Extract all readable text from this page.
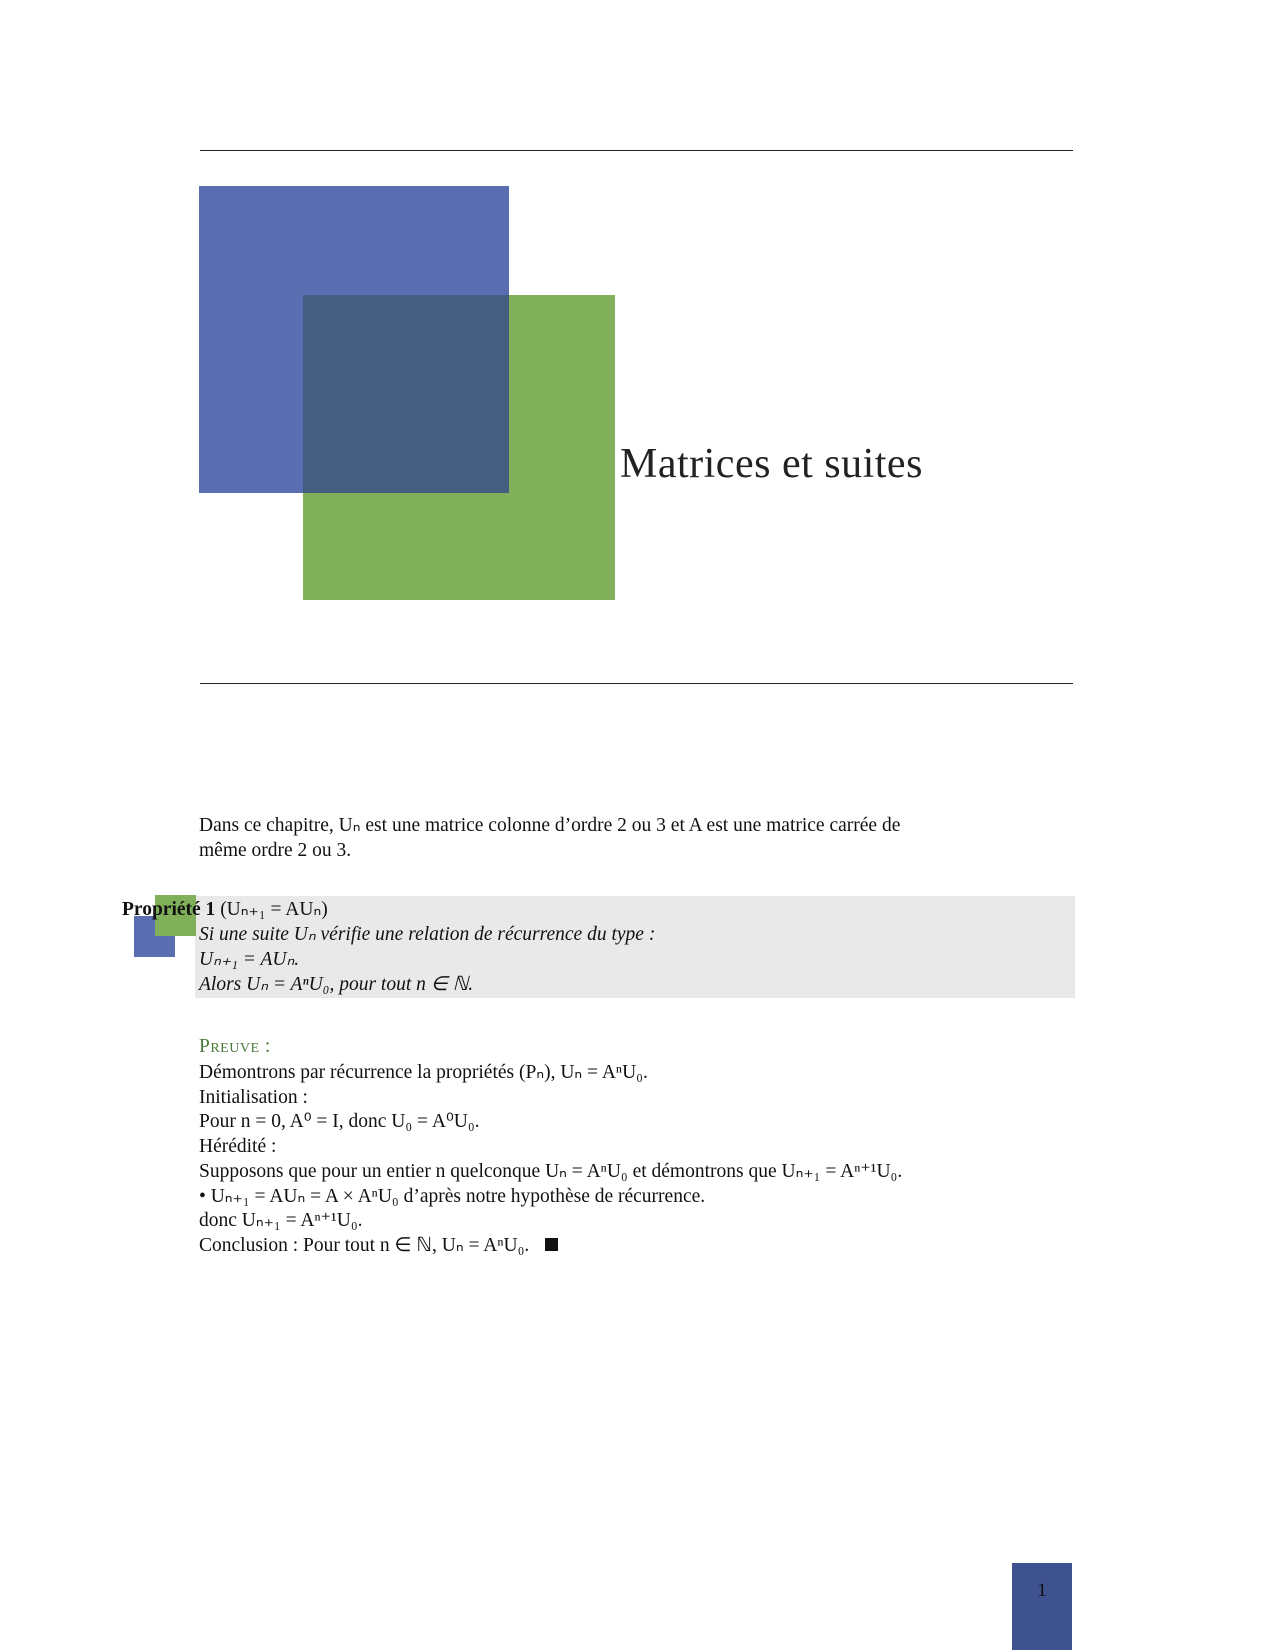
Matrices et suites
Dans ce chapitre, Uₙ est une matrice colonne d’ordre 2 ou 3 et A est une matrice carrée de
même ordre 2 ou 3.
Propriété 1 (Uₙ₊₁ = AUₙ)
Si une suite Uₙ vérifie une relation de récurrence du type :
Uₙ₊₁ = AUₙ.
Alors Uₙ = AⁿU₀, pour tout n ∈ ℕ.
Preuve :
Démontrons par récurrence la propriétés (Pₙ), Uₙ = AⁿU₀.
Initialisation :
Pour n = 0, A⁰ = I, donc U₀ = A⁰U₀.
Hérédité :
Supposons que pour un entier n quelconque Uₙ = AⁿU₀ et démontrons que Uₙ₊₁ = Aⁿ⁺¹U₀.
• Uₙ₊₁ = AUₙ = A × AⁿU₀ d’après notre hypothèse de récurrence.
donc Uₙ₊₁ = Aⁿ⁺¹U₀.
Conclusion : Pour tout n ∈ ℕ, Uₙ = AⁿU₀.
1
